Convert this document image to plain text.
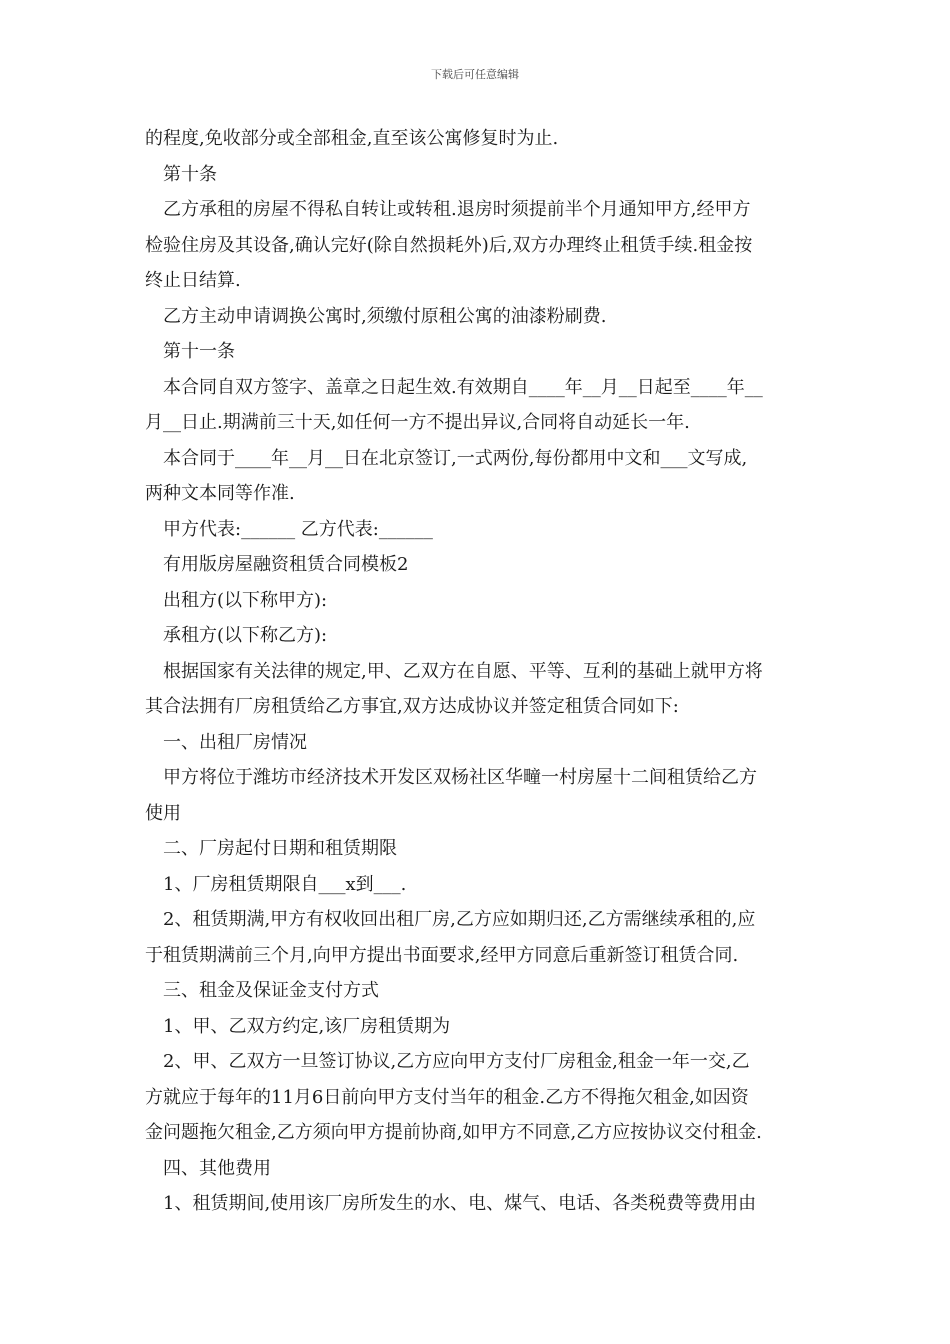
下载后可任意编辑
的程度,免收部分或全部租金,直至该公寓修复时为止.
第十条
乙方承租的房屋不得私自转让或转租.退房时须提前半个月通知甲方,经甲方
检验住房及其设备,确认完好(除自然损耗外)后,双方办理终止租赁手续.租金按
终止日结算.
乙方主动申请调换公寓时,须缴付原租公寓的油漆粉刷费.
第十一条
本合同自双方签字、盖章之日起生效.有效期自____年__月__日起至____年__
月__日止.期满前三十天,如任何一方不提出异议,合同将自动延长一年.
本合同于____年__月__日在北京签订,一式两份,每份都用中文和___文写成,
两种文本同等作准.
甲方代表:______ 乙方代表:______
有用版房屋融资租赁合同模板2
出租方(以下称甲方):
承租方(以下称乙方):
根据国家有关法律的规定,甲、乙双方在自愿、平等、互利的基础上就甲方将
其合法拥有厂房租赁给乙方事宜,双方达成协议并签定租赁合同如下:
一、出租厂房情况
甲方将位于潍坊市经济技术开发区双杨社区华疃一村房屋十二间租赁给乙方
使用
二、厂房起付日期和租赁期限
1、厂房租赁期限自___x到___.
2、租赁期满,甲方有权收回出租厂房,乙方应如期归还,乙方需继续承租的,应
于租赁期满前三个月,向甲方提出书面要求,经甲方同意后重新签订租赁合同.
三、租金及保证金支付方式
1、甲、乙双方约定,该厂房租赁期为
2、甲、乙双方一旦签订协议,乙方应向甲方支付厂房租金,租金一年一交,乙
方就应于每年的11月6日前向甲方支付当年的租金.乙方不得拖欠租金,如因资
金问题拖欠租金,乙方须向甲方提前协商,如甲方不同意,乙方应按协议交付租金.
四、其他费用
1、租赁期间,使用该厂房所发生的水、电、煤气、电话、各类税费等费用由
